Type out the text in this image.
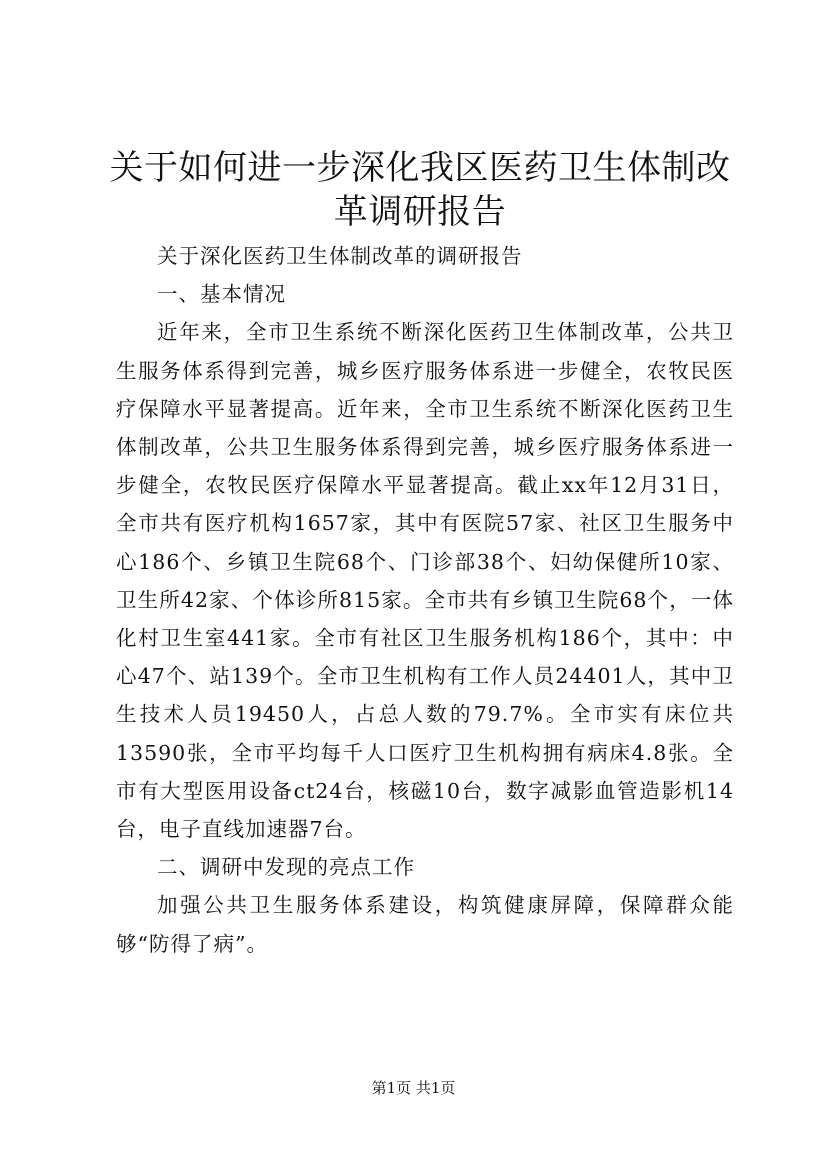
关于如何进一步深化我区医药卫生体制改革调研报告

关于深化医药卫生体制改革的调研报告

一、基本情况

近年来，全市卫生系统不断深化医药卫生体制改革，公共卫生服务体系得到完善，城乡医疗服务体系进一步健全，农牧民医疗保障水平显著提高。近年来，全市卫生系统不断深化医药卫生体制改革，公共卫生服务体系得到完善，城乡医疗服务体系进一步健全，农牧民医疗保障水平显著提高。截止xx年12月31日，全市共有医疗机构1657家，其中有医院57家、社区卫生服务中心186个、乡镇卫生院68个、门诊部38个、妇幼保健所10家、卫生所42家、个体诊所815家。全市共有乡镇卫生院68个，一体化村卫生室441家。全市有社区卫生服务机构186个，其中：中心47个、站139个。全市卫生机构有工作人员24401人，其中卫生技术人员19450人，占总人数的79.7%。全市实有床位共13590张，全市平均每千人口医疗卫生机构拥有病床4.8张。全市有大型医用设备ct24台，核磁10台，数字减影血管造影机14台，电子直线加速器7台。

二、调研中发现的亮点工作

加强公共卫生服务体系建设，构筑健康屏障，保障群众能够“防得了病”。

第1页 共1页
